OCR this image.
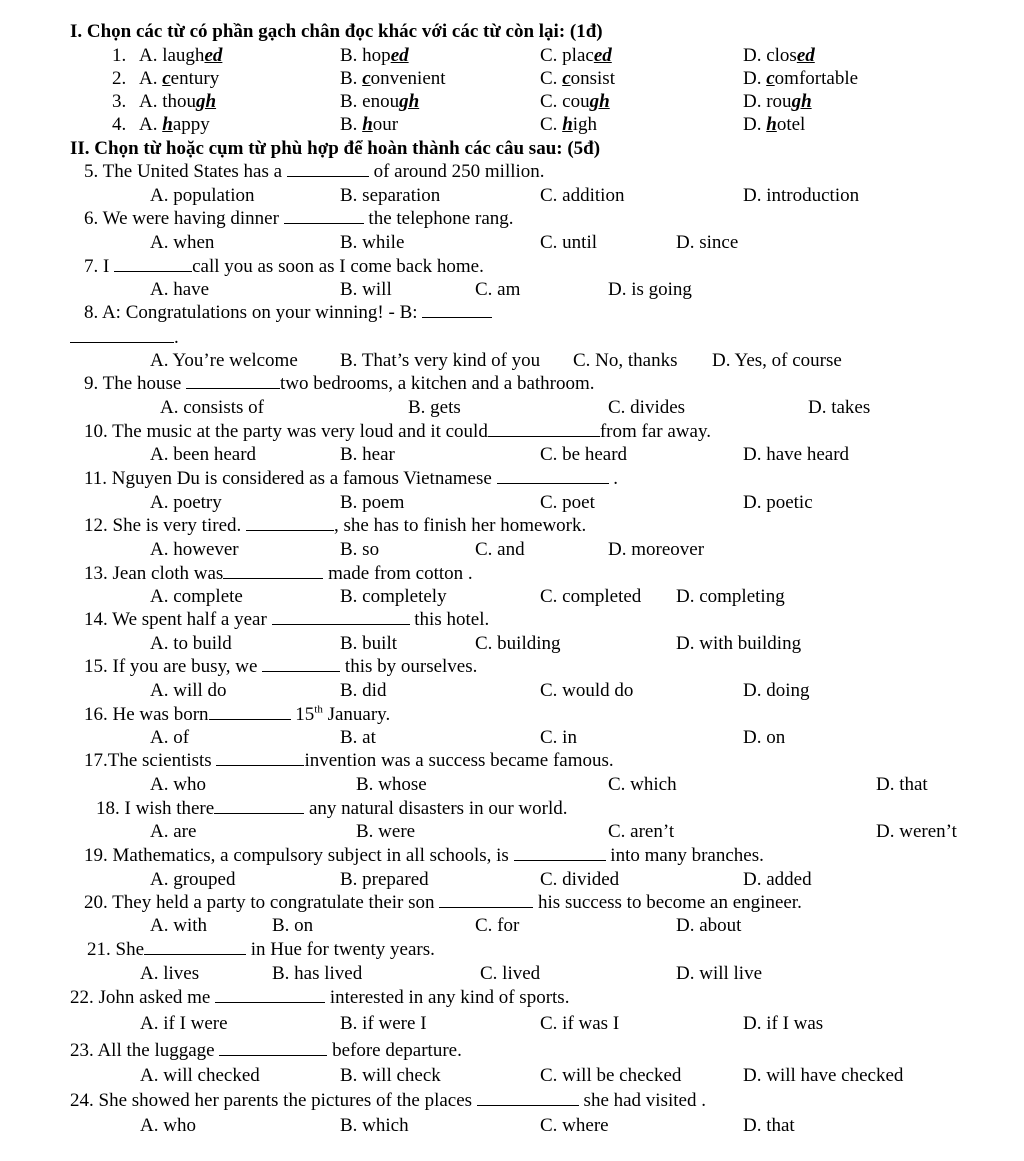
I. Chọn các từ có phần gạch chân đọc khác với các từ còn lại: (1đ)
1. A. laughed	B. hoped	C. placed	D. closed
2. A. century	B. convenient	C. consist	D. comfortable
3. A. though	B. enough	C. cough	D. rough
4. A. happy	B. hour	C. high	D. hotel
II. Chọn từ hoặc cụm từ phù hợp để hoàn thành các câu sau: (5đ)
5. The United States has a	of around 250 million.
A. population	B. separation	C. addition	D. introduction
6. We were having dinner	the telephone rang.
A. when	B. while	C. until	D. since
7. I	call you as soon as I come back home.
A. have	B. will	C. am	D. is going
8. A: Congratulations on your winning! - B:
.
A. You’re welcome B. That’s very kind of you C. No, thanks D. Yes, of course
9. The house	two bedrooms, a kitchen and a bathroom.
A. consists of	B. gets	C. divides	D. takes
10. The music at the party was very loud and it could	from far away.
A. been heard	B. hear	C. be heard	D. have heard
11. Nguyen Du is considered as a famous Vietnamese	.
A. poetry	B. poem	C. poet	D. poetic
12. She is very tired.	, she has to finish her homework.
A. however	B. so	C. and	D. moreover
13. Jean cloth was	made from cotton .
A. complete	B. completely	C. completed D. completing
14. We spent half a year	this hotel.
A. to build	B. built	C. building	D. with building
15. If you are busy, we	this by ourselves.
A. will do	B. did	C. would do	D. doing
16. He was born	15th January.
A. of	B. at	C. in	D. on
17.The scientists	invention was a success became famous.
A. who	B. whose	C. which	D. that
18. I wish there	any natural disasters in our world.
A. are	B. were	C. aren’t	D. weren’t
19. Mathematics, a compulsory subject in all schools, is	into many branches.
A. grouped	B. prepared	C. divided	D. added
20. They held a party to congratulate their son	his success to become an engineer.
A. with	B. on	C. for	D. about
21. She	in Hue for twenty years.
A. lives	B. has lived	C. lived	D. will live
22. John asked me	interested in any kind of sports.
A. if I were	B. if were I	C. if was I	D. if I was
23. All the luggage	before departure.
A. will checked	B. will check	C. will be checked	D. will have checked
24. She showed her parents the pictures of the places	she had visited .
A. who	B. which	C. where	D. that
